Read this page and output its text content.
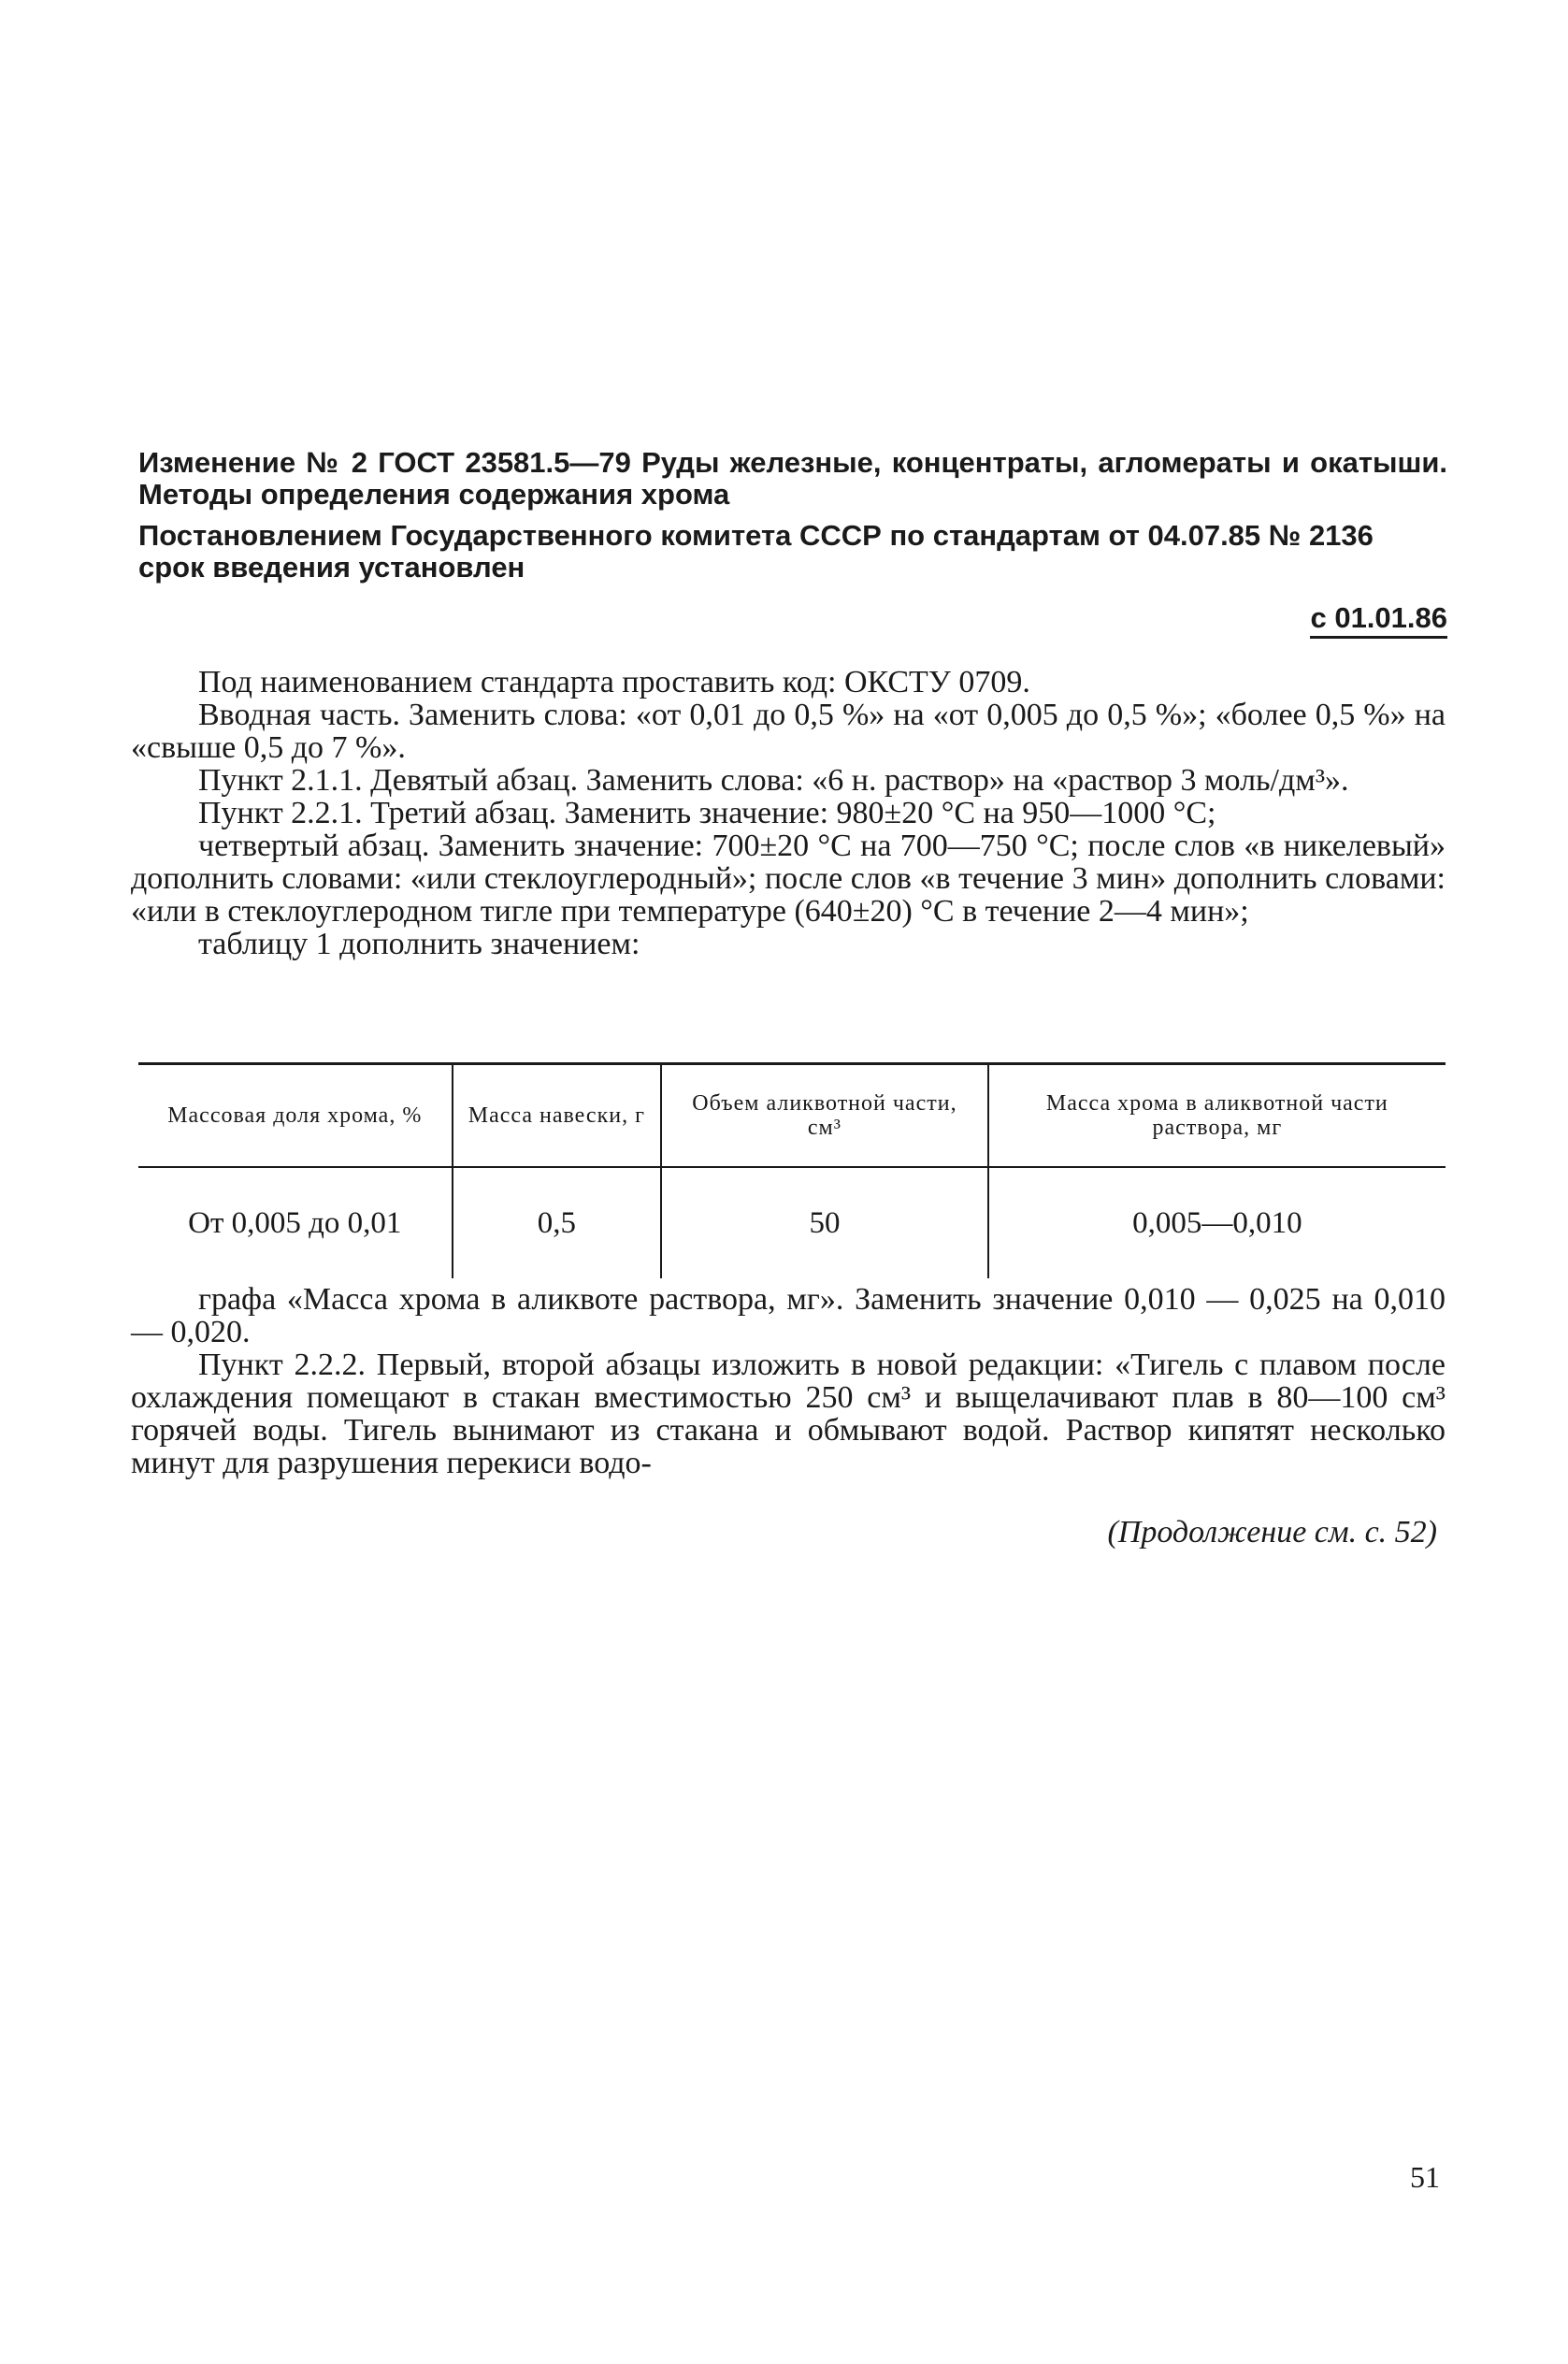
Изменение № 2 ГОСТ 23581.5—79 Руды железные, концентраты, агломераты и окатыши. Методы определения содержания хрома

Постановлением Государственного комитета СССР по стандартам от 04.07.85 № 2136 срок введения установлен

с 01.01.86

Под наименованием стандарта проставить код: ОКСТУ 0709.

Вводная часть. Заменить слова: «от 0,01 до 0,5 %» на «от 0,005 до 0,5 %»; «более 0,5 %» на «свыше 0,5 до 7 %».

Пункт 2.1.1. Девятый абзац. Заменить слова: «6 н. раствор» на «раствор 3 моль/дм³».

Пункт 2.2.1. Третий абзац. Заменить значение: 980±20 °С на 950—1000 °С;

четвертый абзац. Заменить значение: 700±20 °С на 700—750 °С; после слов «в никелевый» дополнить словами: «или стеклоуглеродный»; после слов «в течение 3 мин» дополнить словами: «или в стеклоуглеродном тигле при температуре (640±20) °С в течение 2—4 мин»;

таблицу 1 дополнить значением:

Массовая доля хрома, %	Масса навески, г	Объем аликвотной части, см³	Масса хрома в аликвотной части раствора, мг
От 0,005 до 0,01	0,5	50	0,005—0,010

графа «Масса хрома в аликвоте раствора, мг». Заменить значение 0,010 — 0,025 на 0,010 — 0,020.

Пункт 2.2.2. Первый, второй абзацы изложить в новой редакции: «Тигель с плавом после охлаждения помещают в стакан вместимостью 250 см³ и выщелачивают плав в 80—100 см³ горячей воды. Тигель вынимают из стакана и обмывают водой. Раствор кипятят несколько минут для разрушения перекиси водо-

(Продолжение см. с. 52)
51
